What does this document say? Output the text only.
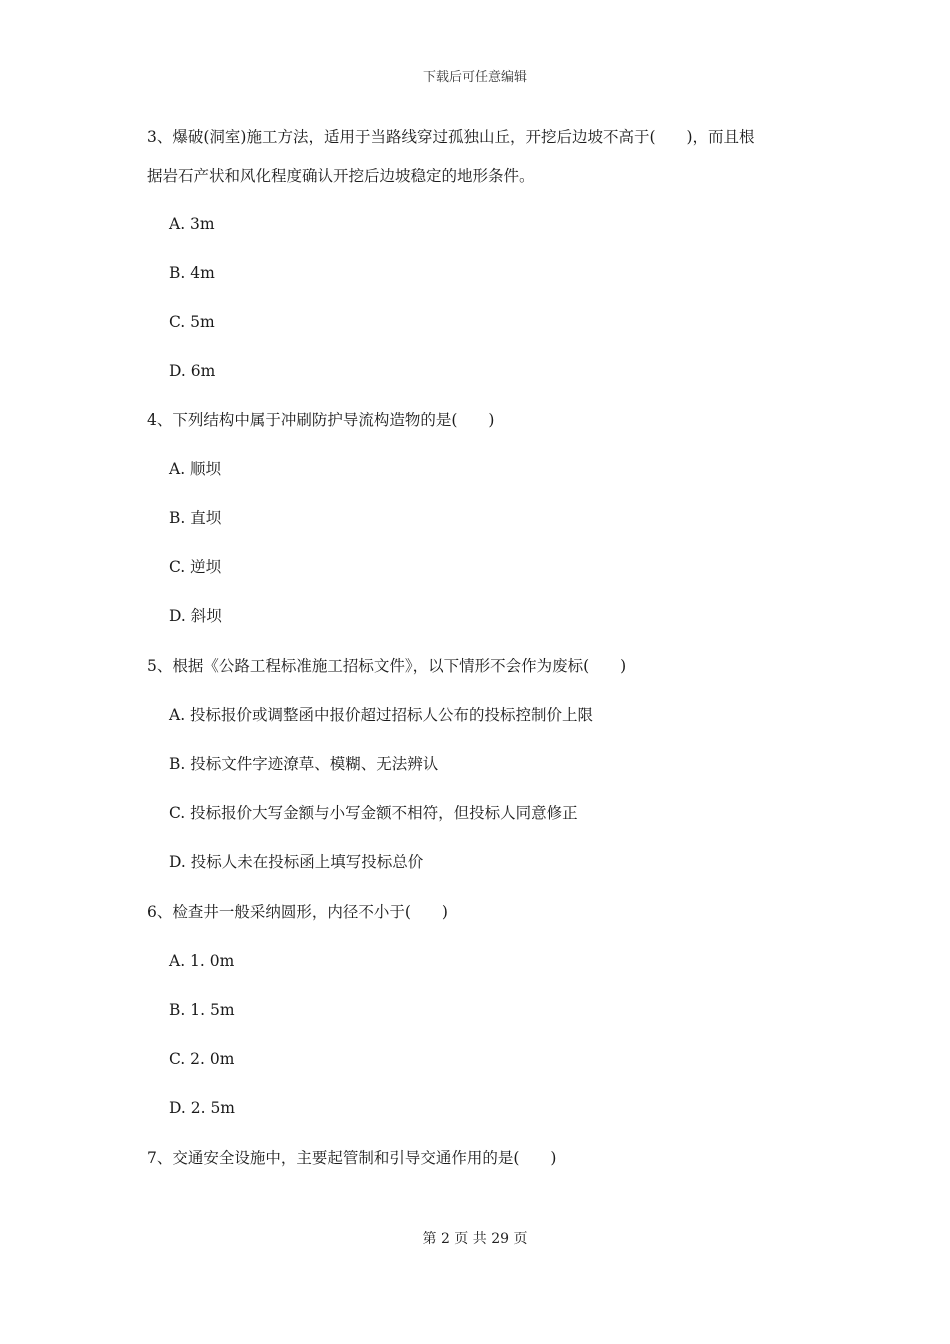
下载后可任意编辑
3、爆破(洞室)施工方法，适用于当路线穿过孤独山丘，开挖后边坡不高于(　　)，而且根
据岩石产状和风化程度确认开挖后边坡稳定的地形条件。
A. 3m
B. 4m
C. 5m
D. 6m
4、下列结构中属于冲刷防护导流构造物的是(　　)
A. 顺坝
B. 直坝
C. 逆坝
D. 斜坝
5、根据《公路工程标准施工招标文件》，以下情形不会作为废标(　　)
A. 投标报价或调整函中报价超过招标人公布的投标控制价上限
B. 投标文件字迹潦草、模糊、无法辨认
C. 投标报价大写金额与小写金额不相符，但投标人同意修正
D. 投标人未在投标函上填写投标总价
6、检查井一般采纳圆形，内径不小于(　　)
A. 1. 0m
B. 1. 5m
C. 2. 0m
D. 2. 5m
7、交通安全设施中，主要起管制和引导交通作用的是(　　)
第 2 页 共 29 页
